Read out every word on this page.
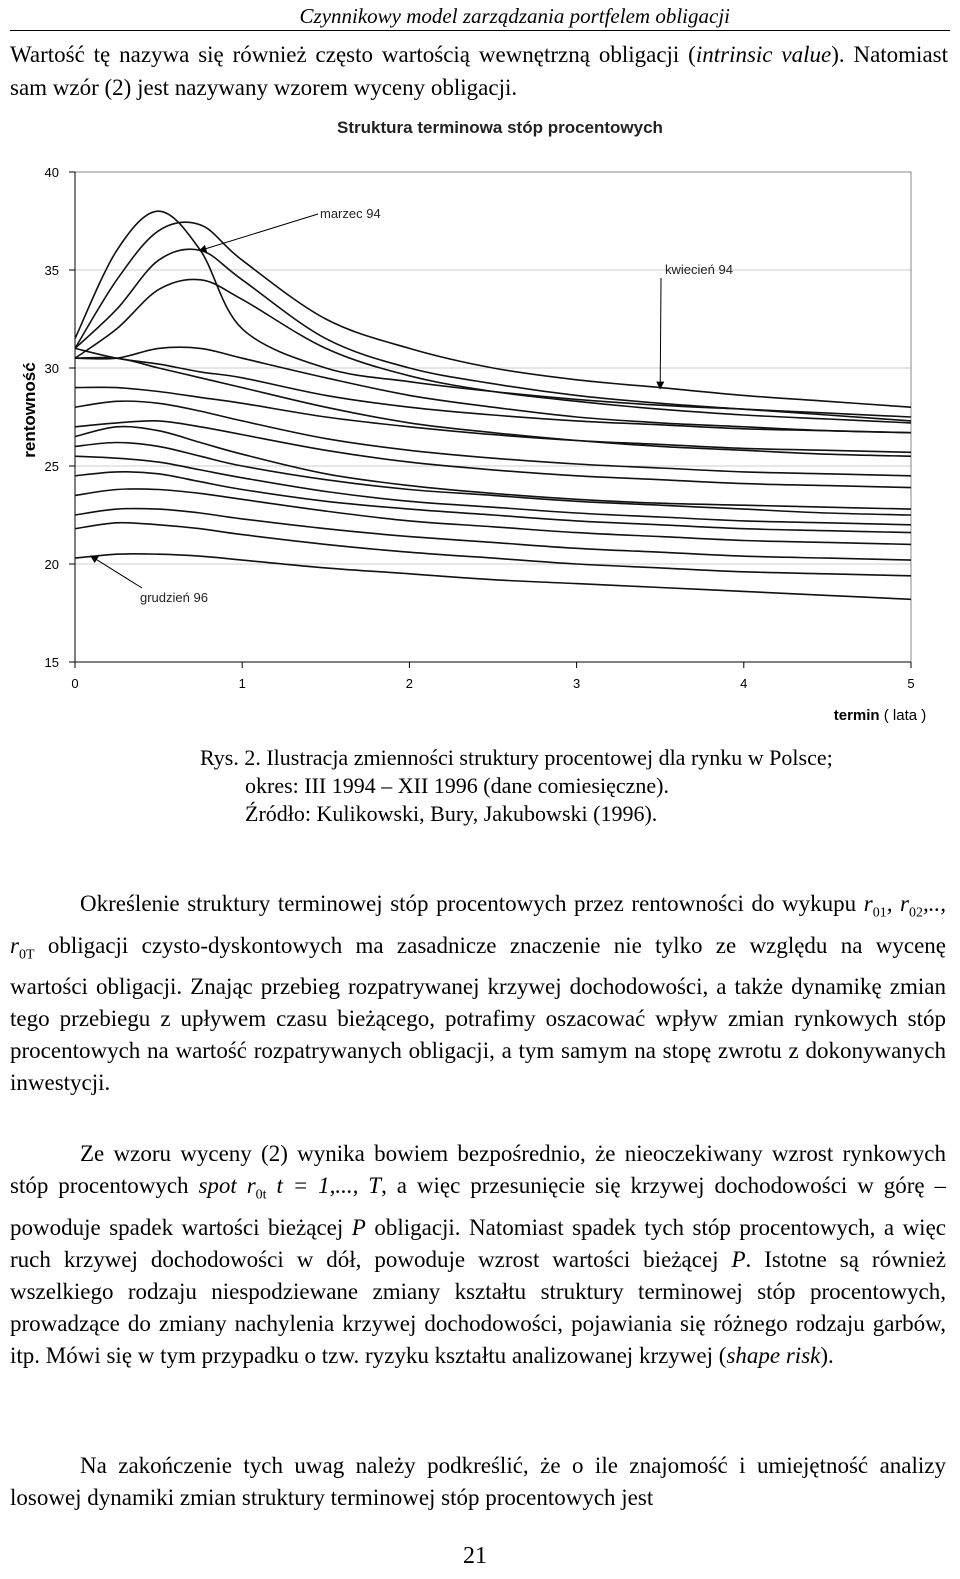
Czynnikowy model zarządzania portfelem obligacji
Wartość tę nazywa się również często wartością wewnętrzną obligacji (intrinsic value). Natomiast sam wzór (2) jest nazywany wzorem wyceny obligacji.
Struktura terminowa stóp procentowych
rentowność
15
20
25
30
35
40
0	1	2	3	4	5
marzec 94
kwiecień 94
grudzień 96
termin ( lata )
Rys. 2. Ilustracja zmienności struktury procentowej dla rynku w Polsce;
okres: III 1994 – XII 1996 (dane comiesięczne).
Źródło: Kulikowski, Bury, Jakubowski (1996).
Określenie struktury terminowej stóp procentowych przez rentowności do wykupu $r_{01}$, $r_{02}$,.., $r_{0T}$ obligacji czysto-dyskontowych ma zasadnicze znaczenie nie tylko ze względu na wycenę wartości obligacji. Znając przebieg rozpatrywanej krzywej dochodowości, a także dynamikę zmian tego przebiegu z upływem czasu bieżącego, potrafimy oszacować wpływ zmian rynkowych stóp procentowych na wartość rozpatrywanych obligacji, a tym samym na stopę zwrotu z dokonywanych inwestycji.
Ze wzoru wyceny (2) wynika bowiem bezpośrednio, że nieoczekiwany wzrost rynkowych stóp procentowych spot $r_{0t}$ t = 1,..., T, a więc przesunięcie się krzywej dochodowości w górę – powoduje spadek wartości bieżącej P obligacji. Natomiast spadek tych stóp procentowych, a więc ruch krzywej dochodowości w dół, powoduje wzrost wartości bieżącej P. Istotne są również wszelkiego rodzaju niespodziewane zmiany kształtu struktury terminowej stóp procentowych, prowadzące do zmiany nachylenia krzywej dochodowości, pojawiania się różnego rodzaju garbów, itp. Mówi się w tym przypadku o tzw. ryzyku kształtu analizowanej krzywej (shape risk).
Na zakończenie tych uwag należy podkreślić, że o ile znajomość i umiejętność analizy losowej dynamiki zmian struktury terminowej stóp procentowych jest
21
